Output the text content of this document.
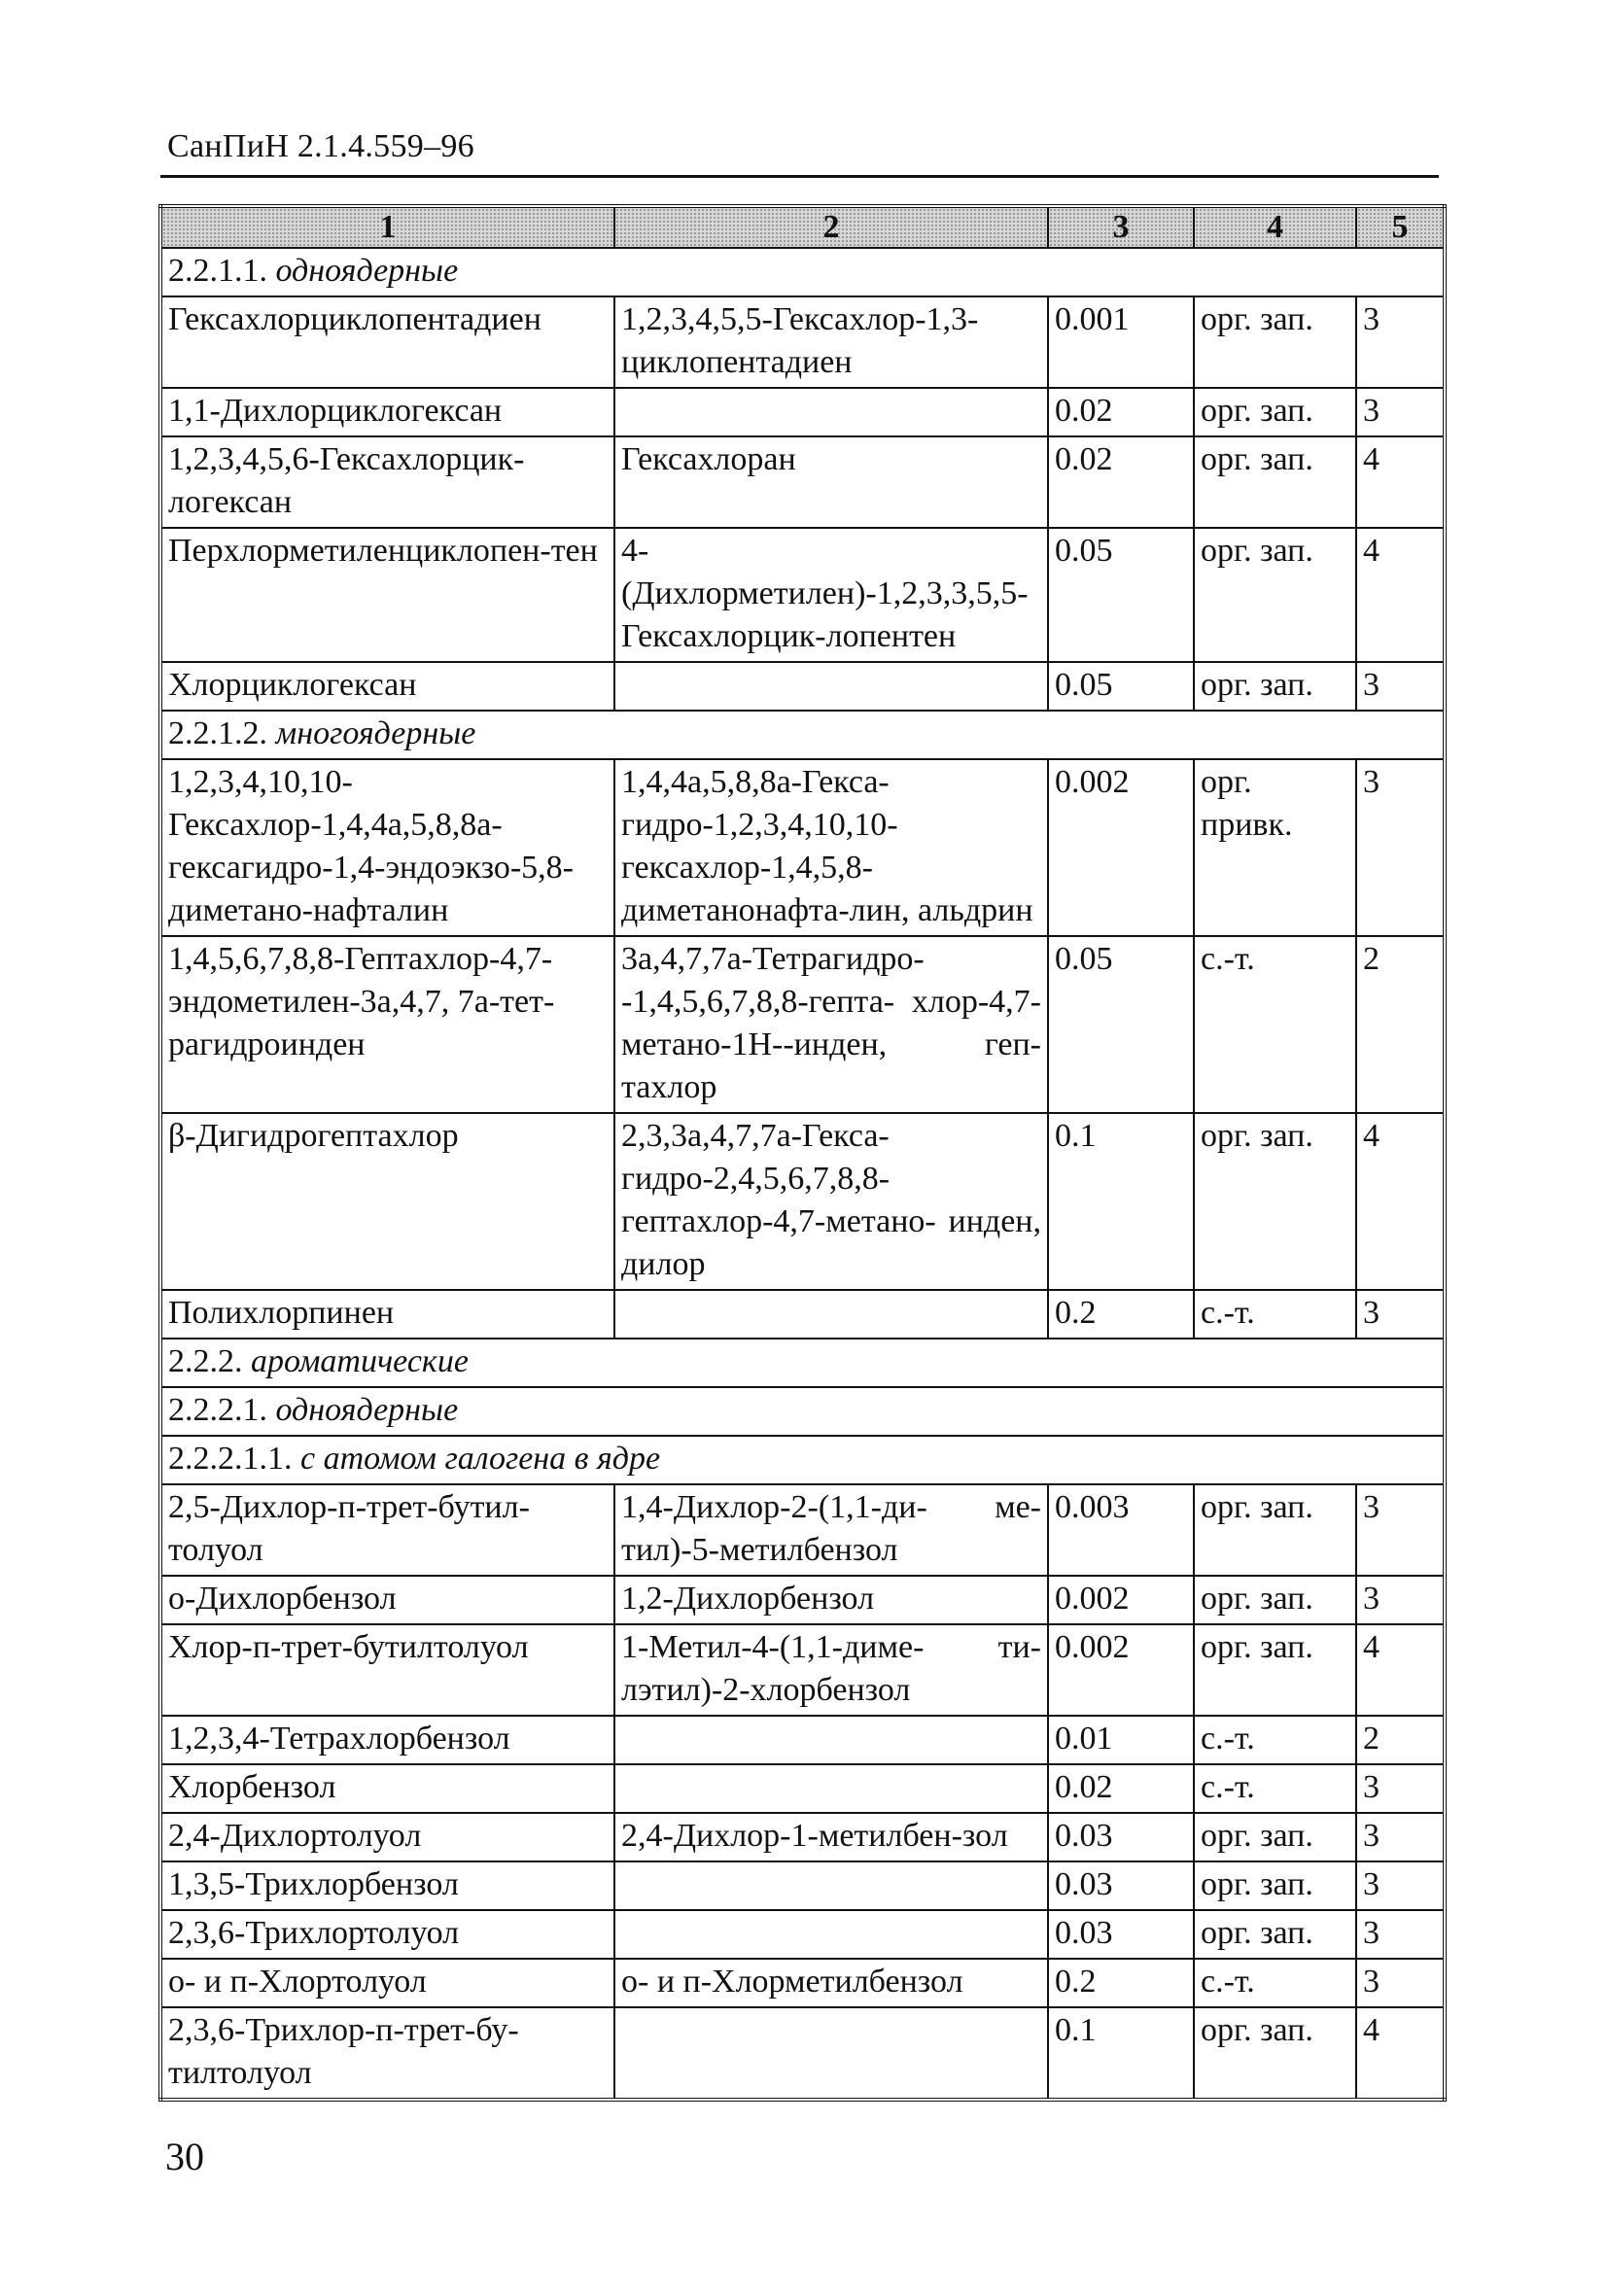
СанПиН 2.1.4.559–96
1	2	3	4	5
2.2.1.1. одноядерные				
Гексахлорциклопентадиен	1,2,3,4,5,5-Гексахлор-1,3-циклопентадиен	0.001	орг. зап.	3
1,1-Дихлорциклогексан		0.02	орг. зап.	3
1,2,3,4,5,6-Гексахлорцик-логексан	Гексахлоран	0.02	орг. зап.	4
Перхлорметиленциклопен-тен	4-(Дихлорметилен)-1,2,3,3,5,5-Гексахлорцик-лопентен	0.05	орг. зап.	4
Хлорциклогексан		0.05	орг. зап.	3
2.2.1.2. многоядерные				
1,2,3,4,10,10-Гексахлор-1,4,4а,5,8,8а-гексагидро-1,4-эндоэкзо-5,8-диметано-нафталин	1,4,4а,5,8,8а-Гекса- гидро-1,2,3,4,10,10-гексахлор-1,4,5,8-диметанонафта-лин, альдрин	0.002	орг. привк.	3
1,4,5,6,7,8,8-Гептахлор-4,7-эндометилен-3а,4,7, 7а-тет-рагидроинден	3а,4,7,7а-Тетрагидро- -1,4,5,6,7,8,8-гепта- хлор-4,7-метано-1Н--инден, геп-тахлор	0.05	с.-т.	2
β-Дигидрогептахлор	2,3,3а,4,7,7а-Гекса- гидро-2,4,5,6,7,8,8- гептахлор-4,7-метано- инден, дилор	0.1	орг. зап.	4
Полихлорпинен		0.2	с.-т.	3
2.2.2. ароматические				
2.2.2.1. одноядерные				
2.2.2.1.1. с атомом галогена в ядре				
2,5-Дихлор-п-трет-бутил-толуол	1,4-Дихлор-2-(1,1-ди- ме-тил)-5-метилбензол	0.003	орг. зап.	3
о-Дихлорбензол	1,2-Дихлорбензол	0.002	орг. зап.	3
Хлор-п-трет-бутилтолуол	1-Метил-4-(1,1-диме- ти-лэтил)-2-хлорбензол	0.002	орг. зап.	4
1,2,3,4-Тетрахлорбензол		0.01	с.-т.	2
Хлорбензол		0.02	с.-т.	3
2,4-Дихлортолуол	2,4-Дихлор-1-метилбен-зол	0.03	орг. зап.	3
1,3,5-Трихлорбензол		0.03	орг. зап.	3
2,3,6-Трихлортолуол		0.03	орг. зап.	3
о- и п-Хлортолуол	о- и п-Хлорметилбензол	0.2	с.-т.	3
2,3,6-Трихлор-п-трет-бу-тилтолуол		0.1	орг. зап.	4
30
